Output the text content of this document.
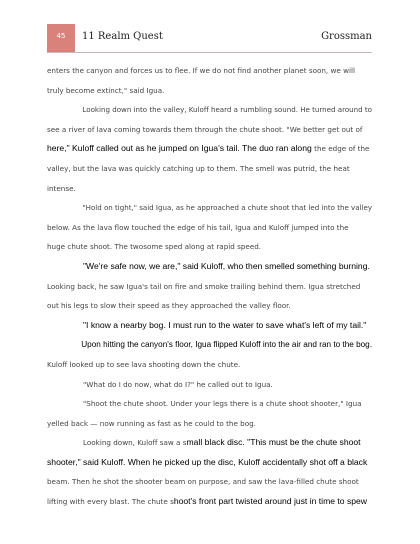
45	11 Realm Quest	Grossman
enters the canyon and forces us to flee. If we do not find another planet soon, we will
truly become extinct," said Igua.
Looking down into the valley, Kuloff heard a rumbling sound. He turned around to
see a river of lava coming towards them through the chute shoot. "We better get out of
here," Kuloff called out as he jumped on Igua's tail. The duo ran along the edge of the
valley, but the lava was quickly catching up to them. The smell was putrid, the heat
intense.
"Hold on tight," said Igua, as he approached a chute shoot that led into the valley
below. As the lava flow touched the edge of his tail, Igua and Kuloff jumped into the
huge chute shoot. The twosome sped along at rapid speed.
"We're safe now, we are," said Kuloff, who then smelled something burning.
Looking back, he saw Igua's tail on fire and smoke trailing behind them. Igua stretched
out his legs to slow their speed as they approached the valley floor.
"I know a nearby bog. I must run to the water to save what's left of my tail."
Upon hitting the canyon's floor, Igua flipped Kuloff into the air and ran to the bog.
Kuloff looked up to see lava shooting down the chute.
"What do I do now, what do I?" he called out to Igua.
"Shoot the chute shoot. Under your legs there is a chute shoot shooter," Igua
yelled back — now running as fast as he could to the bog.
Looking down, Kuloff saw a small black disc. "This must be the chute shoot
shooter," said Kuloff. When he picked up the disc, Kuloff accidentally shot off a black
beam. Then he shot the shooter beam on purpose, and saw the lava-filled chute shoot
lifting with every blast. The chute shoot's front part twisted around just in time to spew
